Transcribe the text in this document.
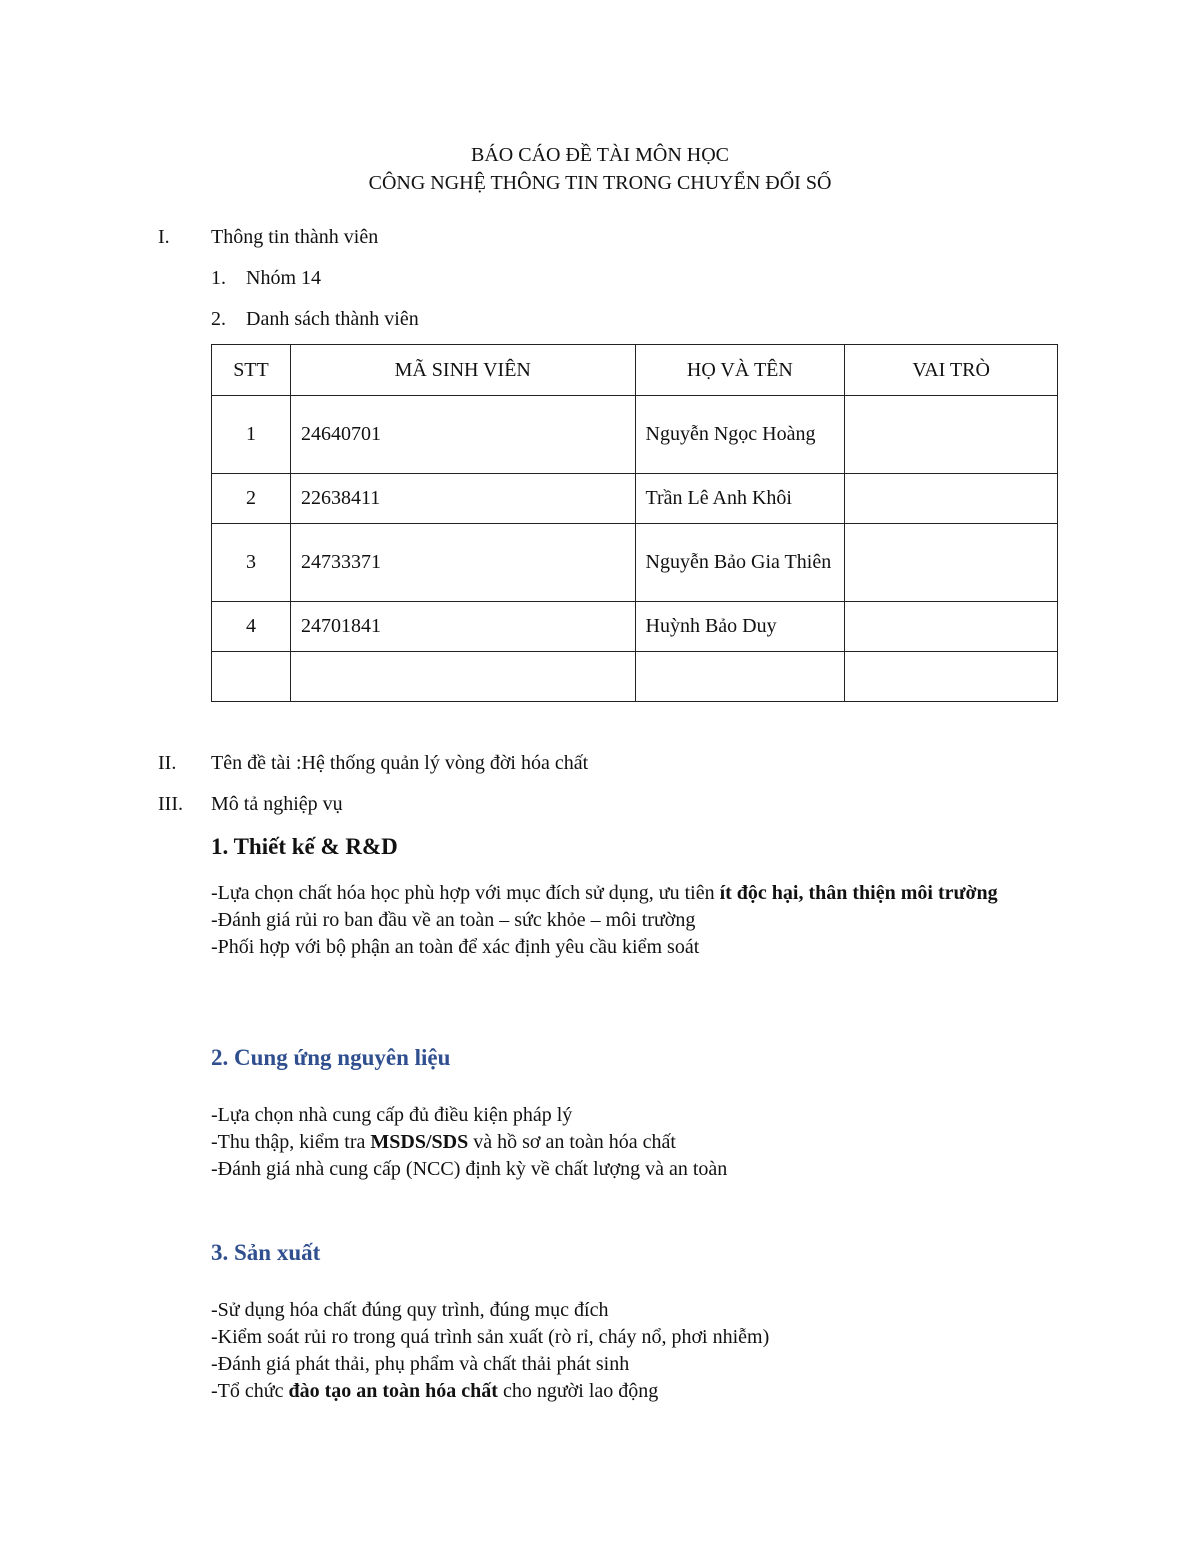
BÁO CÁO ĐỀ TÀI MÔN HỌC
CÔNG NGHỆ THÔNG TIN TRONG CHUYỂN ĐỔI SỐ
I. Thông tin thành viên
1. Nhóm 14
2. Danh sách thành viên
STT	MÃ SINH VIÊN	HỌ VÀ TÊN	VAI TRÒ
1	24640701	Nguyễn Ngọc Hoàng	
2	22638411	Trần Lê Anh Khôi	
3	24733371	Nguyễn Bảo Gia Thiên	
4	24701841	Huỳnh Bảo Duy	

II. Tên đề tài :Hệ thống quản lý vòng đời hóa chất
III. Mô tả nghiệp vụ
1. Thiết kế & R&D
-Lựa chọn chất hóa học phù hợp với mục đích sử dụng, ưu tiên ít độc hại, thân thiện môi trường
-Đánh giá rủi ro ban đầu về an toàn – sức khỏe – môi trường
-Phối hợp với bộ phận an toàn để xác định yêu cầu kiểm soát
2. Cung ứng nguyên liệu
-Lựa chọn nhà cung cấp đủ điều kiện pháp lý
-Thu thập, kiểm tra MSDS/SDS và hồ sơ an toàn hóa chất
-Đánh giá nhà cung cấp (NCC) định kỳ về chất lượng và an toàn
3. Sản xuất
-Sử dụng hóa chất đúng quy trình, đúng mục đích
-Kiểm soát rủi ro trong quá trình sản xuất (rò rỉ, cháy nổ, phơi nhiễm)
-Đánh giá phát thải, phụ phẩm và chất thải phát sinh
-Tổ chức đào tạo an toàn hóa chất cho người lao động
